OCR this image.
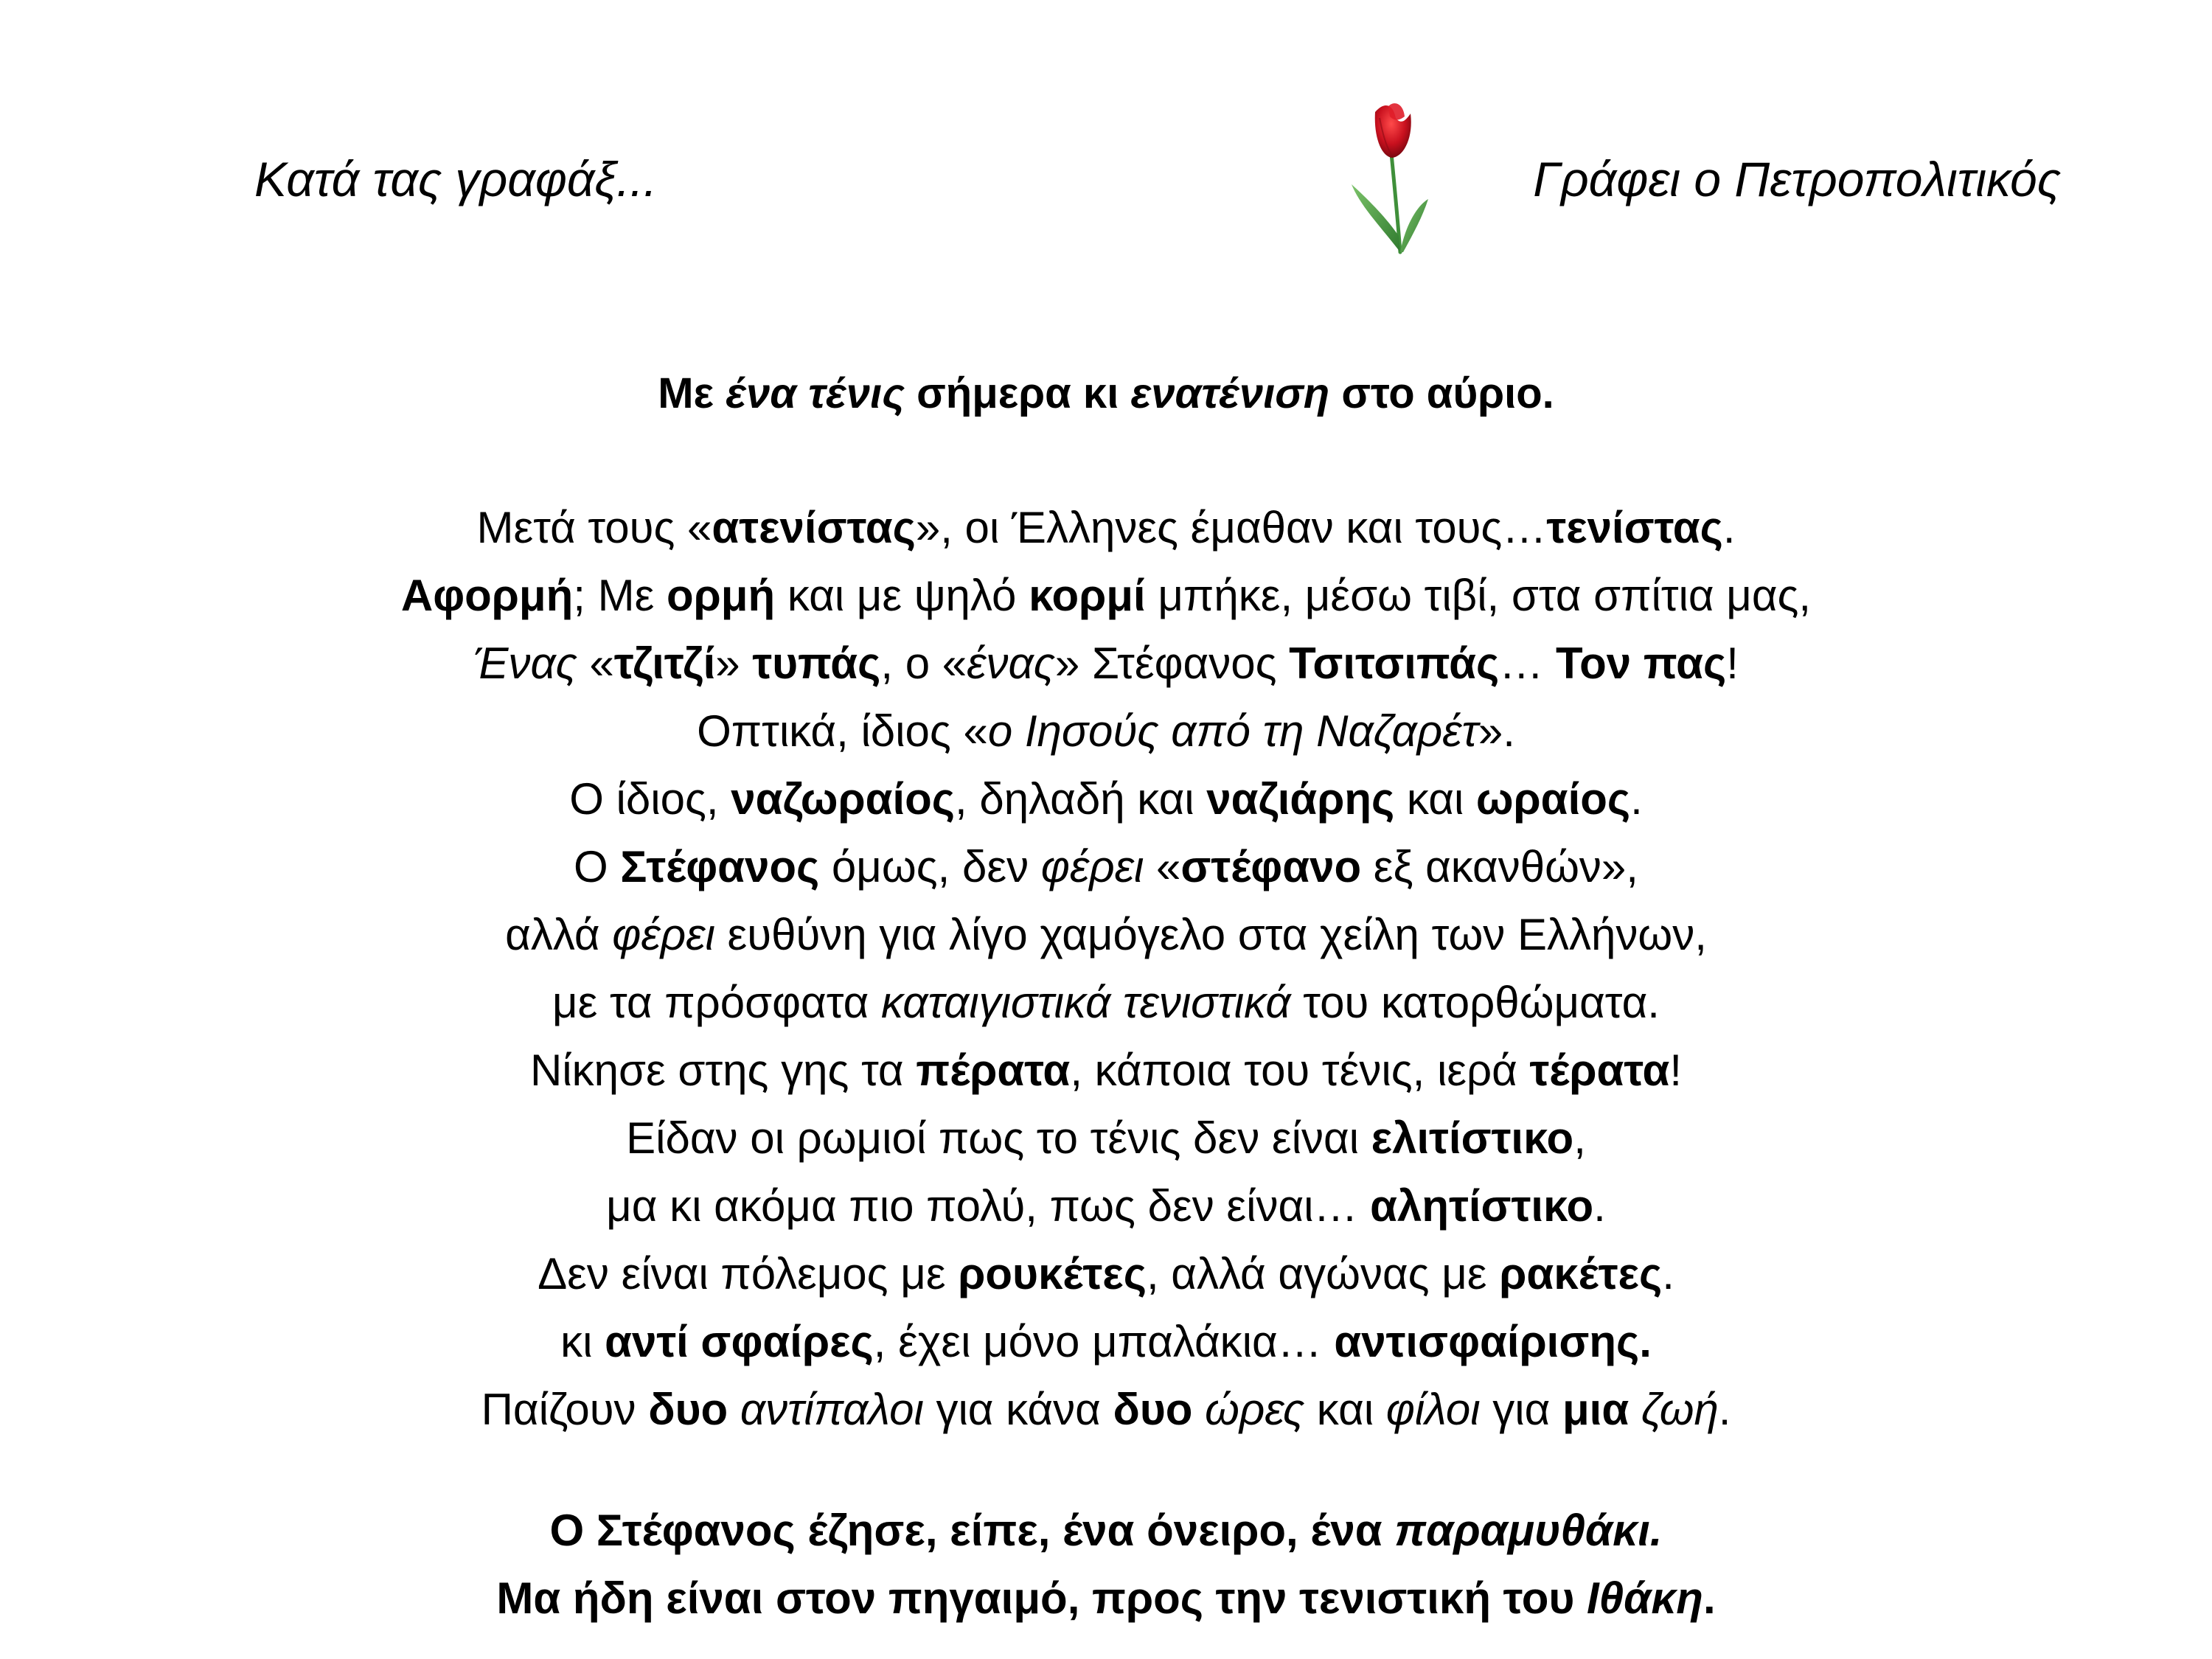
Κατά τας γραφάξ...	Γράφει ο Πετροπολιτικός
Με ένα τένις σήμερα κι ενατένιση στο αύριο.
Μετά τους «ατενίστας», οι Έλληνες έμαθαν και τους…τενίστας.
Αφορμή; Με ορμή και με ψηλό κορμί μπήκε, μέσω τιβί, στα σπίτια μας,
Ένας «τζιτζί» τυπάς, ο «ένας» Στέφανος Τσιτσιπάς… Τον πας!
Οπτικά, ίδιος «ο Ιησούς από τη Ναζαρέτ».
Ο ίδιος, ναζωραίος, δηλαδή και ναζιάρης και ωραίος.
Ο Στέφανος όμως, δεν φέρει «στέφανο εξ ακανθών»,
αλλά φέρει ευθύνη για λίγο χαμόγελο στα χείλη των Ελλήνων,
με τα πρόσφατα καταιγιστικά τενιστικά του κατορθώματα.
Νίκησε στης γης τα πέρατα, κάποια του τένις, ιερά τέρατα!
Είδαν οι ρωμιοί πως το τένις δεν είναι ελιτίστικο,
μα κι ακόμα πιο πολύ, πως δεν είναι… αλητίστικο.
Δεν είναι πόλεμος με ρουκέτες, αλλά αγώνας με ρακέτες.
κι αντί σφαίρες, έχει μόνο μπαλάκια… αντισφαίρισης.
Παίζουν δυο αντίπαλοι για κάνα δυο ώρες και φίλοι για μια ζωή.
Ο Στέφανος έζησε, είπε, ένα όνειρο, ένα παραμυθάκι.
Μα ήδη είναι στον πηγαιμό, προς την τενιστική του Ιθάκη.
